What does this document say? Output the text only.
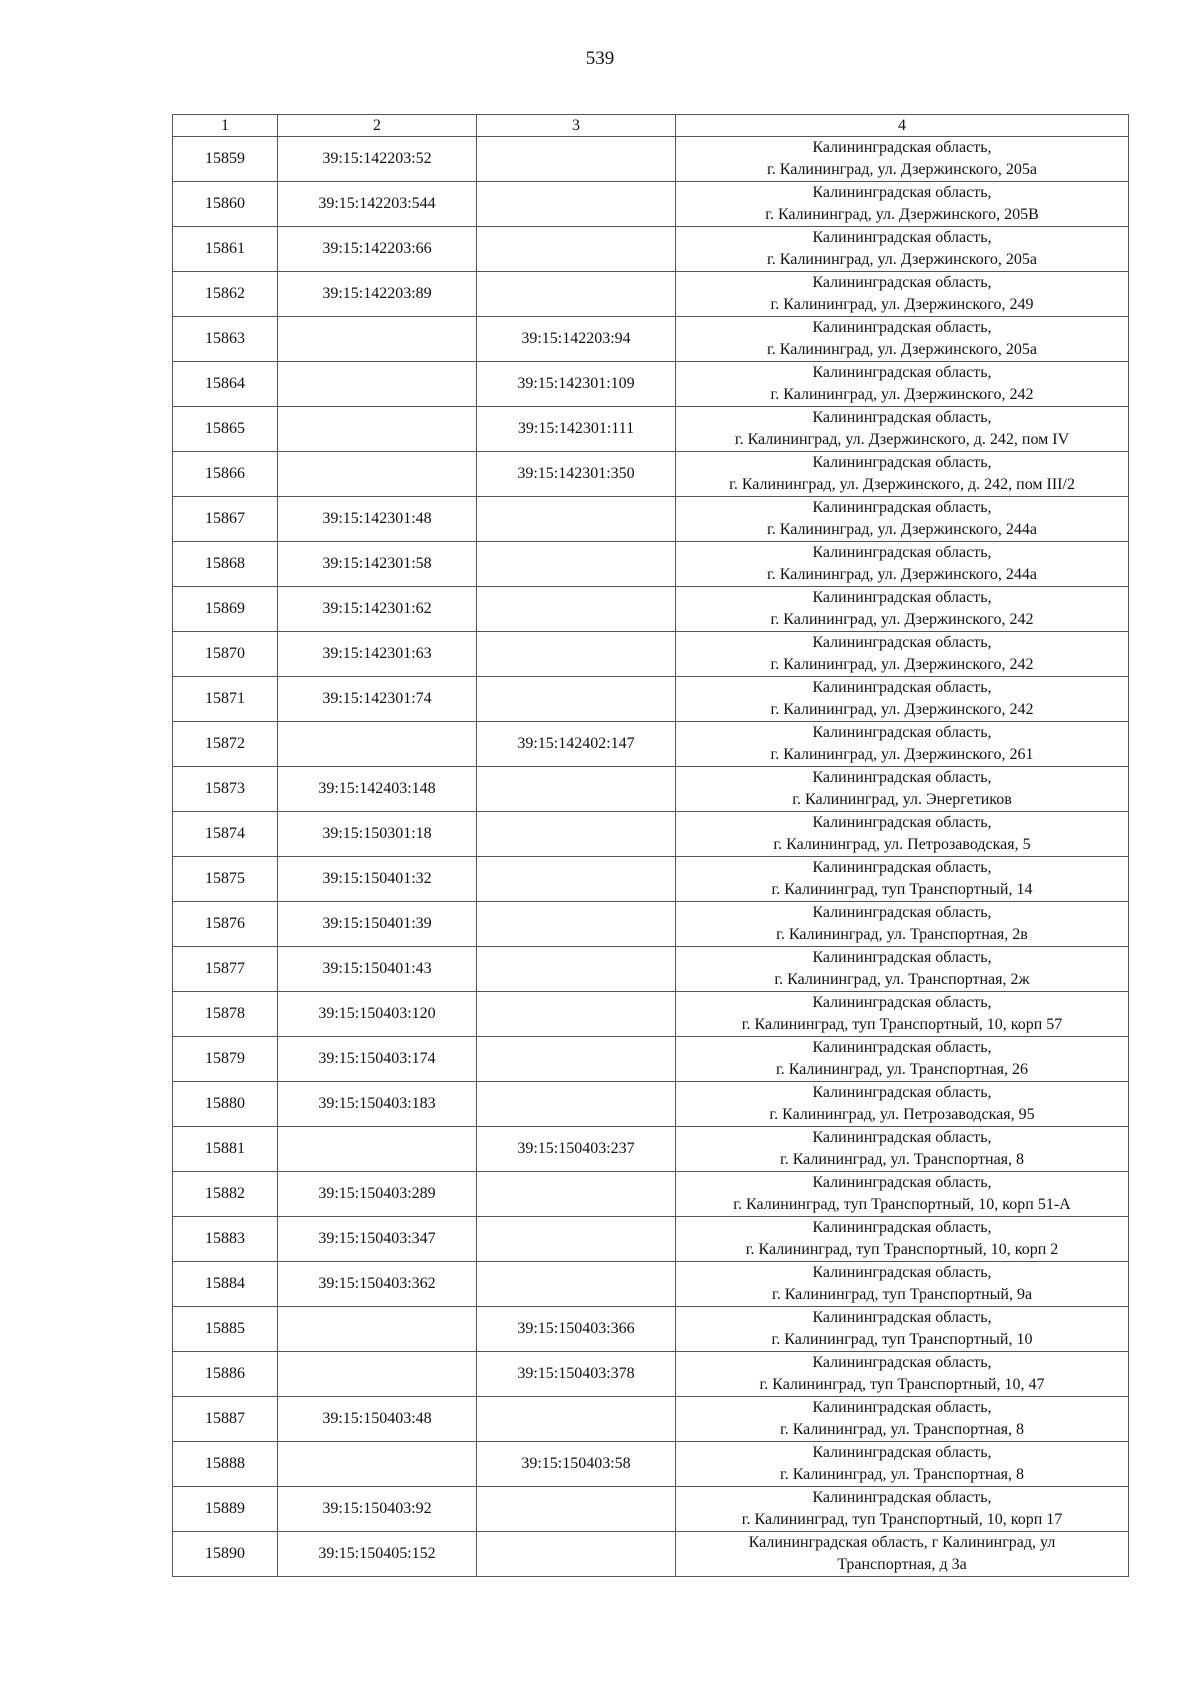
539
1	2	3	4
15859	39:15:142203:52		Калининградская область,
г. Калининград, ул. Дзержинского, 205а

15860	39:15:142203:544		Калининградская область,
г. Калининград, ул. Дзержинского, 205В

15861	39:15:142203:66		Калининградская область,
г. Калининград, ул. Дзержинского, 205а

15862	39:15:142203:89		Калининградская область,
г. Калининград, ул. Дзержинского, 249

15863		39:15:142203:94	Калининградская область,
г. Калининград, ул. Дзержинского, 205а

15864		39:15:142301:109	Калининградская область,
г. Калининград, ул. Дзержинского, 242

15865		39:15:142301:111	Калининградская область,
г. Калининград, ул. Дзержинского, д. 242, пом IV

15866		39:15:142301:350	Калининградская область,
г. Калининград, ул. Дзержинского, д. 242, пом III/2

15867	39:15:142301:48		Калининградская область,
г. Калининград, ул. Дзержинского, 244а

15868	39:15:142301:58		Калининградская область,
г. Калининград, ул. Дзержинского, 244а

15869	39:15:142301:62		Калининградская область,
г. Калининград, ул. Дзержинского, 242

15870	39:15:142301:63		Калининградская область,
г. Калининград, ул. Дзержинского, 242

15871	39:15:142301:74		Калининградская область,
г. Калининград, ул. Дзержинского, 242

15872		39:15:142402:147	Калининградская область,
г. Калининград, ул. Дзержинского, 261

15873	39:15:142403:148		Калининградская область,
г. Калининград, ул. Энергетиков

15874	39:15:150301:18		Калининградская область,
г. Калининград, ул. Петрозаводская, 5

15875	39:15:150401:32		Калининградская область,
г. Калининград, туп Транспортный, 14

15876	39:15:150401:39		Калининградская область,
г. Калининград, ул. Транспортная, 2в

15877	39:15:150401:43		Калининградская область,
г. Калининград, ул. Транспортная, 2ж

15878	39:15:150403:120		Калининградская область,
г. Калининград, туп Транспортный, 10, корп 57

15879	39:15:150403:174		Калининградская область,
г. Калининград, ул. Транспортная, 26

15880	39:15:150403:183		Калининградская область,
г. Калининград, ул. Петрозаводская, 95

15881		39:15:150403:237	Калининградская область,
г. Калининград, ул. Транспортная, 8

15882	39:15:150403:289		Калининградская область,
г. Калининград, туп Транспортный, 10, корп 51-А

15883	39:15:150403:347		Калининградская область,
г. Калининград, туп Транспортный, 10, корп 2

15884	39:15:150403:362		Калининградская область,
г. Калининград, туп Транспортный, 9а

15885		39:15:150403:366	Калининградская область,
г. Калининград, туп Транспортный, 10

15886		39:15:150403:378	Калининградская область,
г. Калининград, туп Транспортный, 10, 47

15887	39:15:150403:48		Калининградская область,
г. Калининград, ул. Транспортная, 8

15888		39:15:150403:58	Калининградская область,
г. Калининград, ул. Транспортная, 8

15889	39:15:150403:92		Калининградская область,
г. Калининград, туп Транспортный, 10, корп 17

15890	39:15:150405:152		Калининградская область, г Калининград, ул
Транспортная, д 3а
